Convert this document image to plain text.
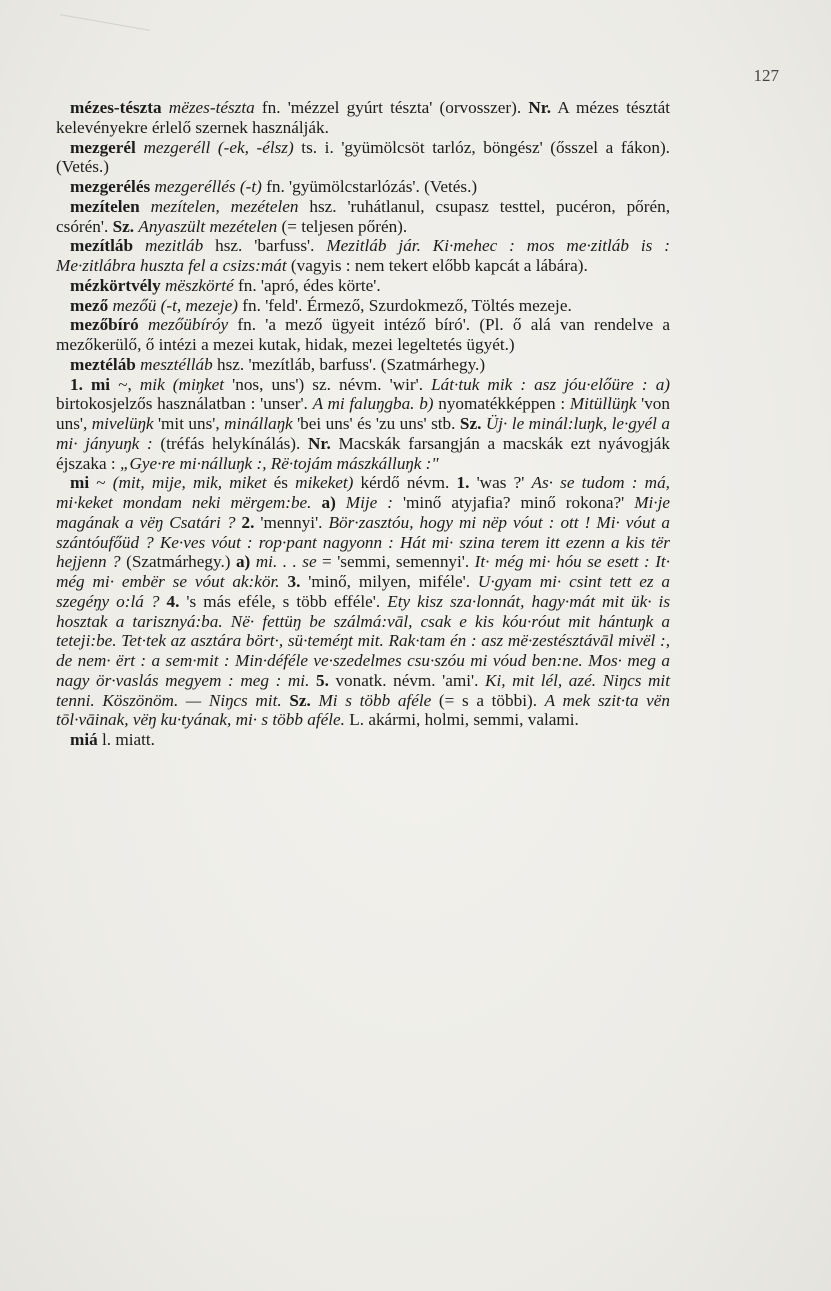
127

mézes-tészta mëzes-tészta fn. 'mézzel gyúrt tészta' (orvosszer). Nr. A mézes tésztát kelevényekre érlelő szernek használják.

mezgerél mezgeréll (-ek, -élsz) ts. i. 'gyümölcsöt tarlóz, böngész' (ősszel a fákon). (Vetés.)

mezgerélés mezgeréllés (-t) fn. 'gyümölcstarlózás'. (Vetés.)

mezítelen mezítelen, mezételen hsz. 'ruhátlanul, csupasz testtel, pucéron, pőrén, csórén'. Sz. Anyaszült mezételen (= teljesen pőrén).

mezítláb mezitláb hsz. 'barfuss'. Mezitláb jár. Ki·mehec : mos me·zitláb is : Me·zitlábra huszta fel a csizs:mát (vagyis : nem tekert előbb kapcát a lábára).

mézkörtvély mëszkörté fn. 'apró, édes körte'.

mező mezőü (-t, mezeje) fn. 'feld'. Érmező, Szurdokmező, Töltés mezeje.

mezőbíró mezőübíróy fn. 'a mező ügyeit intéző bíró'. (Pl. ő alá van rendelve a mezőkerülő, ő intézi a mezei kutak, hidak, mezei legeltetés ügyét.)

meztéláb mesztélláb hsz. 'mezítláb, barfuss'. (Szatmárhegy.)

1. mi ~, mik (miŋket 'nos, uns') sz. névm. 'wir'. Lát·tuk mik : asz jóu·előüre : a) birtokosjelzős használatban : 'unser'. A mi faluŋgba. b) nyomatékképpen : Mitüllüŋk 'von uns', mivelüŋk 'mit uns', minállaŋk 'bei uns' és 'zu uns' stb. Sz. Üj· le minál:luŋk, le·gyél a mi· jányuŋk : (tréfás helykínálás). Nr. Macskák farsangján a macskák ezt nyávogják éjszaka : „Gye·re mi·nálluŋk :, Rë·tojám mászkálluŋk :"

mi ~ (mit, mije, mik, miket és mikeket) kérdő névm. 1. 'was ?' As· se tudom : má, mi·keket mondam neki mërgem:be. a) Mije : 'minő atyjafia? minő rokona?' Mi·je magának a vëŋ Csatári ? 2. 'mennyi'. Bör·zasztóu, hogy mi nëp vóut : ott ! Mi· vóut a szántóufőüd ? Ke·ves vóut : rop·pant nagyonn : Hát mi· szina terem itt ezenn a kis tër hejjenn ? (Szatmárhegy.) a) mi. . . se = 'semmi, semennyi'. It· még mi· hóu se esett : It· még mi· embër se vóut ak:kör. 3. 'minő, milyen, miféle'. U·gyam mi· csint tett ez a szegéŋy o:lá ? 4. 's más eféle, s több efféle'. Ety kisz sza·lonnát, hagy·mát mit ük· is hosztak a tarisznyá:ba. Në· fettüŋ be szálmá:vāl, csak e kis kóu·róut mit hántuŋk a teteji:be. Tet·tek az asztára bört·, sü·teméŋt mit. Rak·tam én : asz më·zestésztávāl mivël :, de nem· ërt : a sem·mit : Min·déféle ve·szedelmes csu·szóu mi vóud ben:ne. Mos· meg a nagy ör·vaslás megyem : meg : mi. 5. vonatk. névm. 'ami'. Ki, mit lél, azé. Niŋcs mit tenni. Köszönöm. — Niŋcs mit. Sz. Mi s több aféle (= s a többi). A mek szit·ta vën tōl·vāinak, vëŋ ku·tyának, mi· s több aféle. L. akármi, holmi, semmi, valami.

miá l. miatt.
